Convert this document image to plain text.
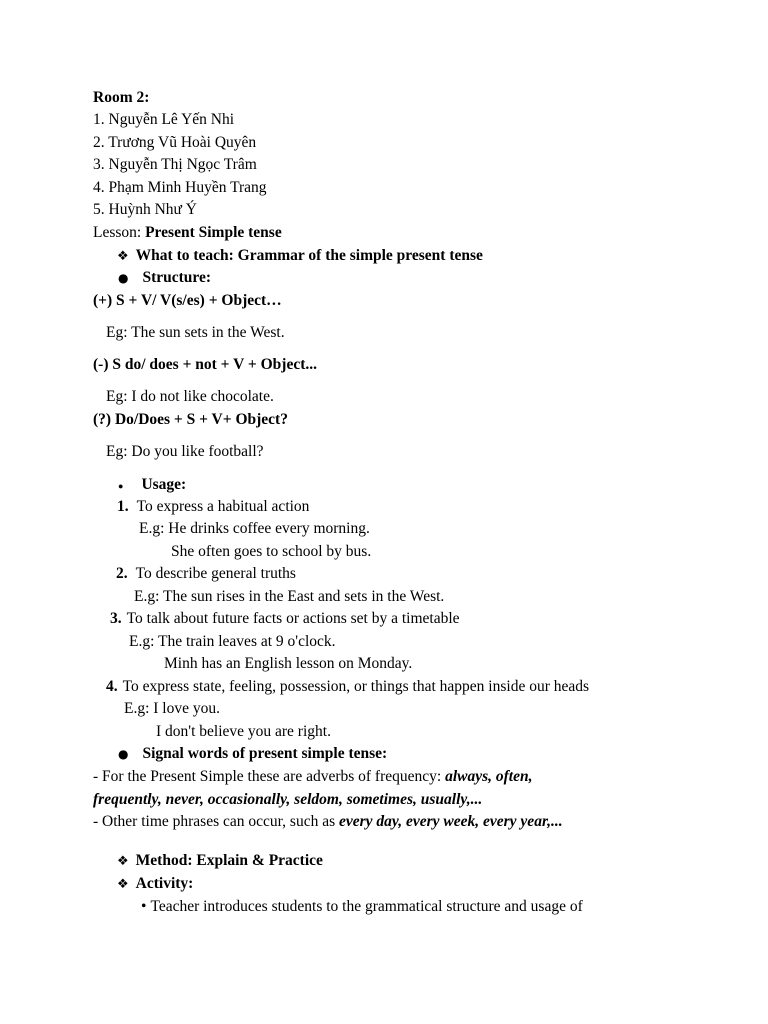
Room 2:
1. Nguyễn Lê Yến Nhi
2. Trương Vũ Hoài Quyên
3. Nguyễn Thị Ngọc Trâm
4. Phạm Minh Huyền Trang
5. Huỳnh Như Ý
Lesson: Present Simple tense
❖ What to teach: Grammar of the simple present tense
● Structure:
(+) S + V/ V(s/es) + Object…
Eg: The sun sets in the West.
(-) S do/ does + not + V + Object...
Eg: I do not like chocolate.
(?) Do/Does + S + V+ Object?
Eg: Do you like football?
● Usage:
1. To express a habitual action
E.g: He drinks coffee every morning.
She often goes to school by bus.
2. To describe general truths
E.g: The sun rises in the East and sets in the West.
3. To talk about future facts or actions set by a timetable
E.g: The train leaves at 9 o'clock.
Minh has an English lesson on Monday.
4. To express state, feeling, possession, or things that happen inside our heads
E.g: I love you.
I don't believe you are right.
● Signal words of present simple tense:
- For the Present Simple these are adverbs of frequency: always, often,
frequently, never, occasionally, seldom, sometimes, usually,...
- Other time phrases can occur, such as every day, every week, every year,...
❖ Method: Explain & Practice
❖ Activity:
• Teacher introduces students to the grammatical structure and usage of
